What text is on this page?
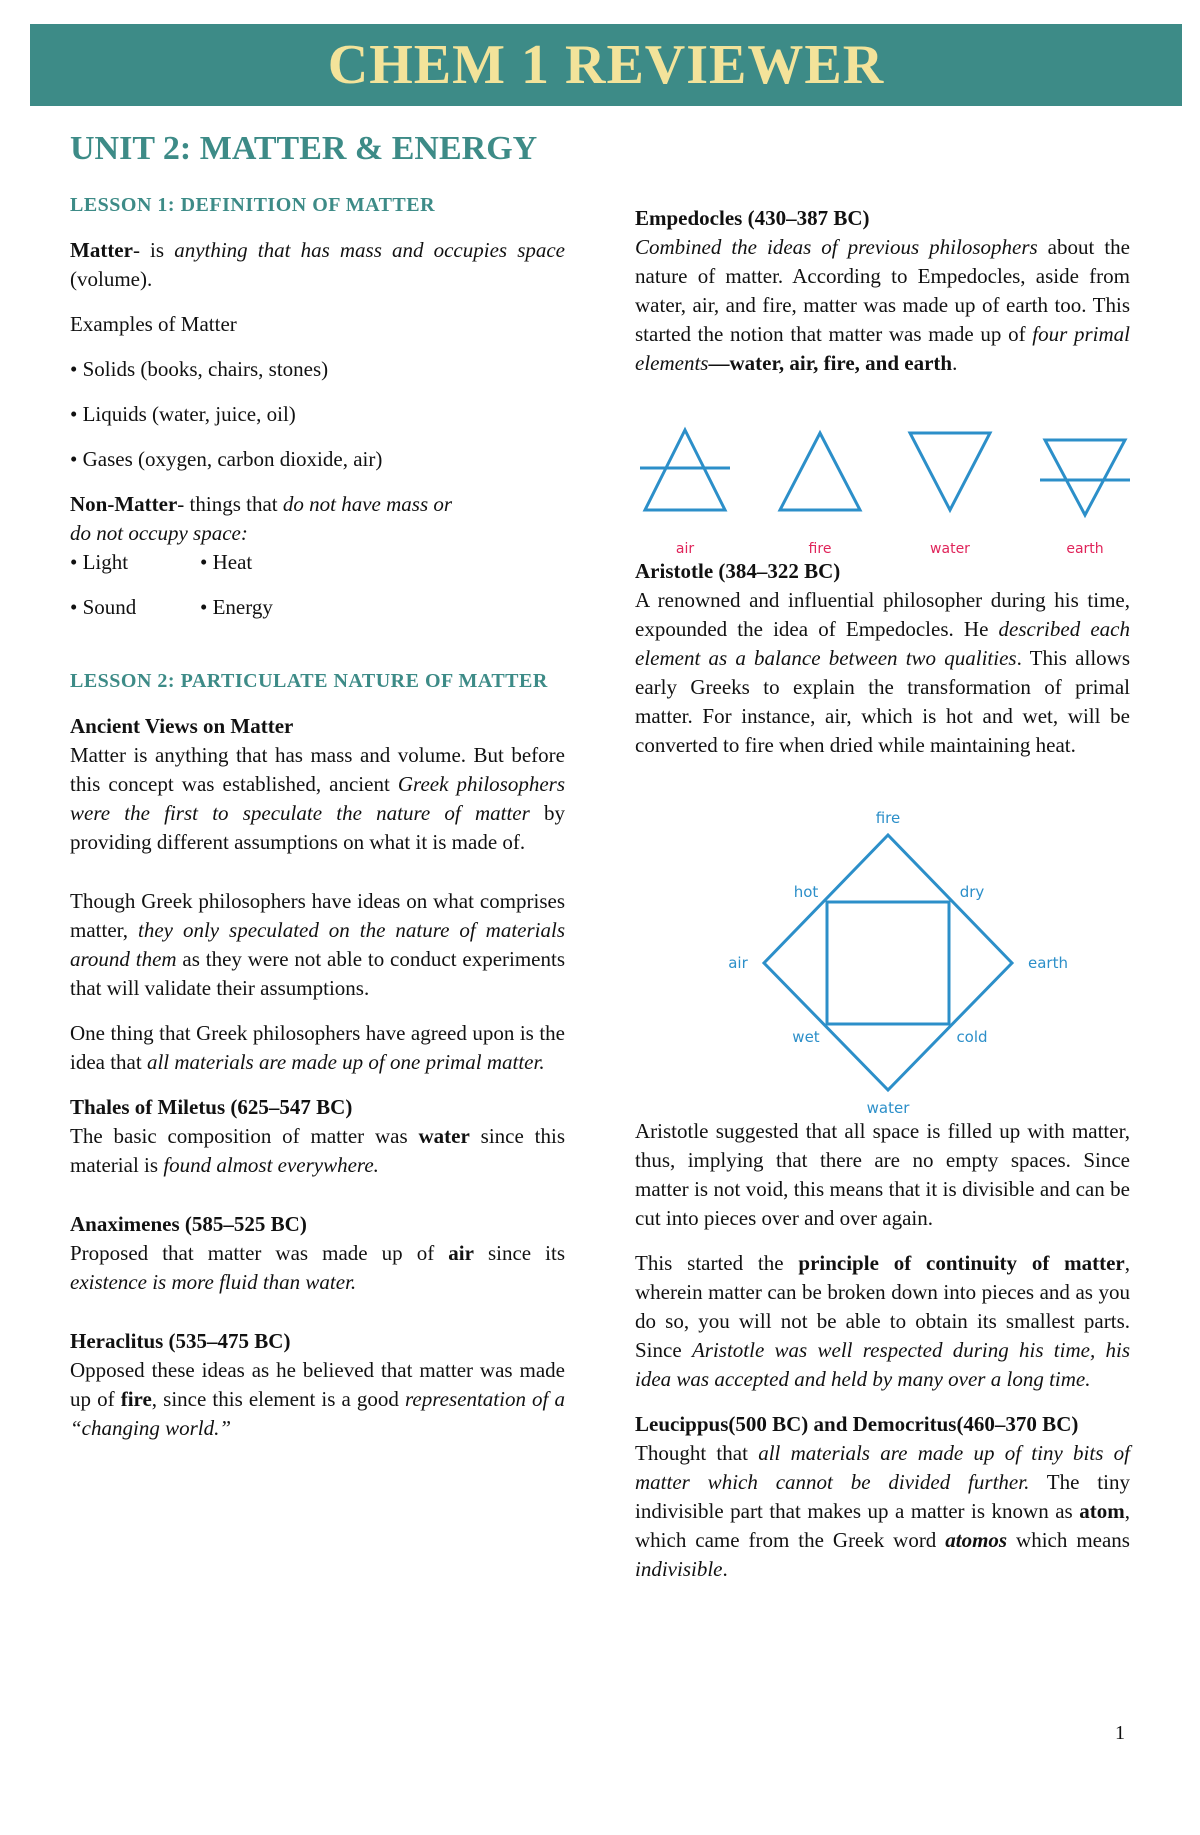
CHEM 1 REVIEWER
UNIT 2: MATTER & ENERGY

LESSON 1: DEFINITION OF MATTER

Matter- is anything that has mass and occupies space (volume).

Examples of Matter

• Solids (books, chairs, stones)

• Liquids (water, juice, oil)

• Gases (oxygen, carbon dioxide, air)

Non-Matter- things that do not have mass or do not occupy space:

• Light	• Heat

• Sound	• Energy

LESSON 2: PARTICULATE NATURE OF MATTER

Ancient Views on Matter

Matter is anything that has mass and volume. But before this concept was established, ancient Greek philosophers were the first to speculate the nature of matter by providing different assumptions on what it is made of.

Though Greek philosophers have ideas on what comprises matter, they only speculated on the nature of materials around them as they were not able to conduct experiments that will validate their assumptions.

One thing that Greek philosophers have agreed upon is the idea that all materials are made up of one primal matter.

Thales of Miletus (625–547 BC)

The basic composition of matter was water since this material is found almost everywhere.

Anaximenes (585–525 BC)

Proposed that matter was made up of air since its existence is more fluid than water.

Heraclitus (535–475 BC)

Opposed these ideas as he believed that matter was made up of fire, since this element is a good representation of a “changing world.”

Empedocles (430–387 BC)

Combined the ideas of previous philosophers about the nature of matter. According to Empedocles, aside from water, air, and fire, matter was made up of earth too. This started the notion that matter was made up of four primal elements—water, air, fire, and earth.

air	fire	water	earth

Aristotle (384–322 BC)

A renowned and influential philosopher during his time, expounded the idea of Empedocles. He described each element as a balance between two qualities. This allows early Greeks to explain the transformation of primal matter. For instance, air, which is hot and wet, will be converted to fire when dried while maintaining heat.

fire
air	earth
water
hot	dry
wet	cold

Aristotle suggested that all space is filled up with matter, thus, implying that there are no empty spaces. Since matter is not void, this means that it is divisible and can be cut into pieces over and over again.

This started the principle of continuity of matter, wherein matter can be broken down into pieces and as you do so, you will not be able to obtain its smallest parts. Since Aristotle was well respected during his time, his idea was accepted and held by many over a long time.

Leucippus(500 BC) and Democritus(460–370 BC)

Thought that all materials are made up of tiny bits of matter which cannot be divided further. The tiny indivisible part that makes up a matter is known as atom, which came from the Greek word atomos which means indivisible.

1
